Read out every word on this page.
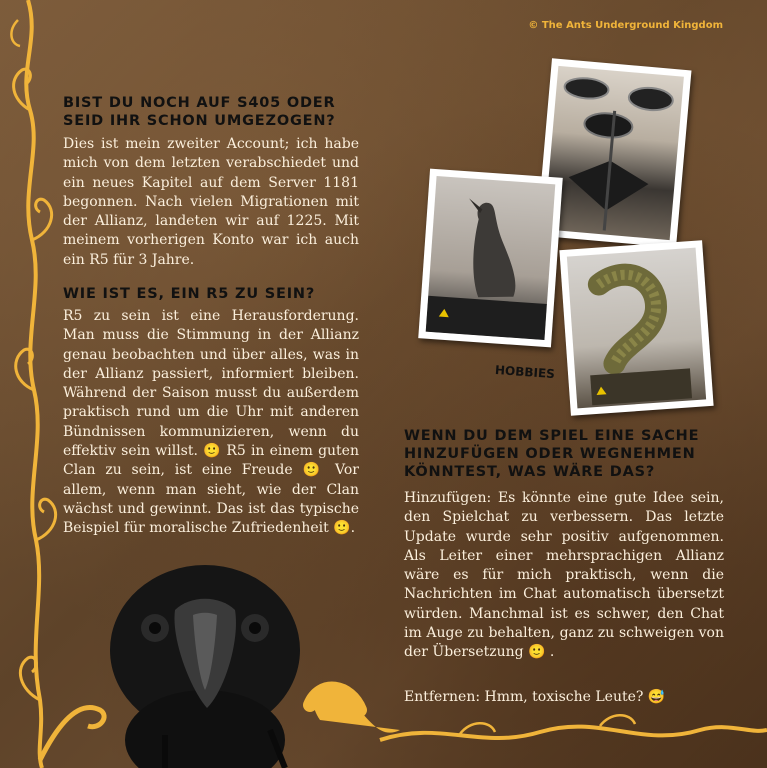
© The Ants Underground Kingdom
BIST DU NOCH AUF S405 ODER SEID IHR SCHON UMGEZOGEN?
Dies ist mein zweiter Account; ich habe mich von dem letzten verabschiedet und ein neues Kapitel auf dem Server 1181 begonnen. Nach vielen Migrationen mit der Allianz, landeten wir auf 1225. Mit meinem vorherigen Konto war ich auch ein R5 für 3 Jahre.
WIE IST ES, EIN R5 ZU SEIN?
R5 zu sein ist eine Herausforderung. Man muss die Stimmung in der Allianz genau beobachten und über alles, was in der Allianz passiert, informiert bleiben. Während der Saison musst du außerdem praktisch rund um die Uhr mit anderen Bündnissen kommunizieren, wenn du effektiv sein willst. 🙂 R5 in einem guten Clan zu sein, ist eine Freude 🙂 Vor allem, wenn man sieht, wie der Clan wächst und gewinnt. Das ist das typische Beispiel für moralische Zufriedenheit 🙂.
HOBBIES
WENN DU DEM SPIEL EINE SACHE HINZUFÜGEN ODER WEGNEHMEN KÖNNTEST, WAS WÄRE DAS?
Hinzufügen: Es könnte eine gute Idee sein, den Spielchat zu verbessern. Das letzte Update wurde sehr positiv aufgenommen. Als Leiter einer mehrsprachigen Allianz wäre es für mich praktisch, wenn die Nachrichten im Chat automatisch übersetzt würden. Manchmal ist es schwer, den Chat im Auge zu behalten, ganz zu schweigen von der Übersetzung 🙂 .
Entfernen: Hmm, toxische Leute? 😅
